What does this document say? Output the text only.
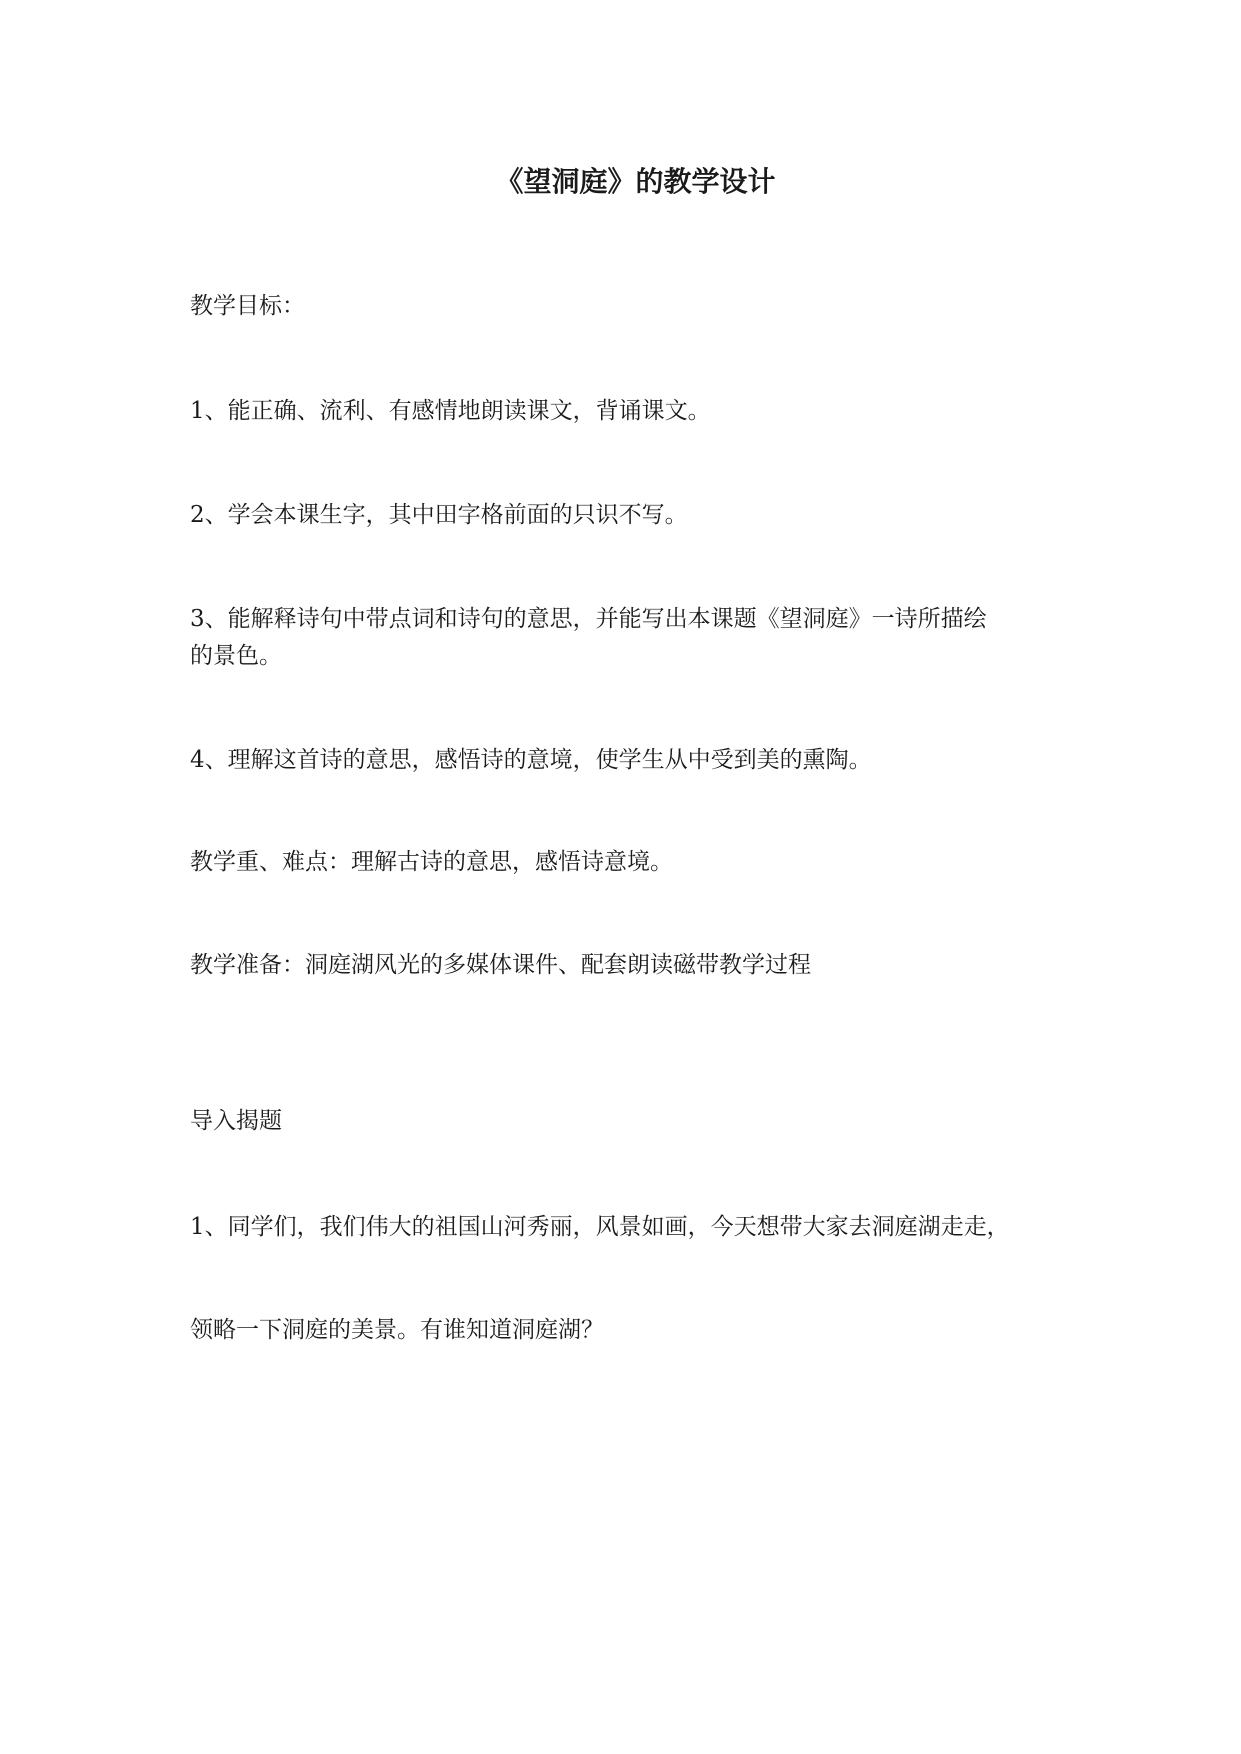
《望洞庭》的教学设计

教学目标：

1、能正确、流利、有感情地朗读课文，背诵课文。

2、学会本课生字，其中田字格前面的只识不写。

3、能解释诗句中带点词和诗句的意思，并能写出本课题《望洞庭》一诗所描绘

的景色。

4、理解这首诗的意思，感悟诗的意境，使学生从中受到美的熏陶。

教学重、难点：理解古诗的意思，感悟诗意境。

教学准备：洞庭湖风光的多媒体课件、配套朗读磁带教学过程

导入揭题

1、同学们，我们伟大的祖国山河秀丽，风景如画，今天想带大家去洞庭湖走走，

领略一下洞庭的美景。有谁知道洞庭湖？
